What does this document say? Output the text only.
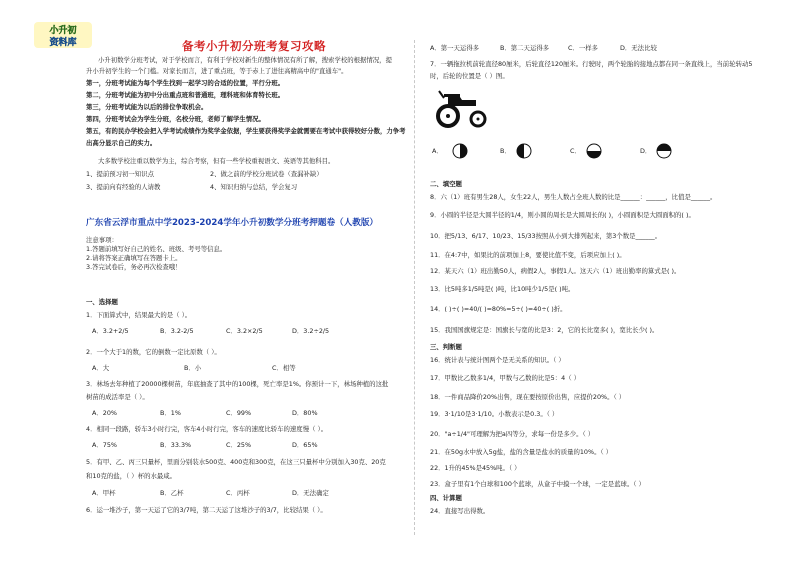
小升初
资料库	备考小升初分班考复习攻略
小升初数学分班考试，对于学校而言，有利于学校对新生的整体情况有所了解，搜索学校的根据情况，提
升小升初学生的一个门槛。对家长而言，进了重点班，等于赤上了进往高精高中的"直通车"。
第一，分班考试能为每个学生找到一起学习的合适的位置，平行分班。
第二，分班考试能为初中分出重点班和普通班，理科班和体育特长班。
第三，分班考试能为以后的排位争取机会。
第四，分班考试会为学生分班，名校分班，老师了解学生情况。
第五，有的民办学校会把入学考试成绩作为奖学金依据，学生要获得奖学金就需要在考试中获得较好分数，力争考
出高分显示自己的实力。
大多数学校注重以数学为主，综合考察，但有一些学校重视语文、英语等其他科目。
1、提前预习初一知识点	2、做之前的学校分班试卷（查漏补缺）
3、提前向有经验的人请教	4、知识归纳与总结，学会复习
广东省云浮市重点中学2023-2024学年小升初数学分班考押题卷（人教版）
注意事项：
1.答题前填写好自己的姓名、班级、考号等信息。
2.请将答案正确填写在答题卡上。
3.答完试卷后，务必再次检查哦！
一、选择题
1．下面算式中，结果最大的是（ ）。
A．3.2+2/5	B．3.2-2/5	C．3.2×2/5	D．3.2÷2/5
2．一个大于1的数，它的倒数一定比原数（ ）。
A．大	B．小	C．相等
3．林场去年种植了20000棵树苗，年底抽查了其中的100棵，死亡率是1%。你预计一下，林场种植的这批
树苗的成活率是（ ）。
A．20%	B．1%	C．99%	D．80%
4．相同一段路，轿车3小时行完，客车4小时行完，客车的速度比轿车的速度慢（ ）。
A．75%	B．33.3%	C．25%	D．65%
5．有甲、乙、丙三只量杯，里面分别装水500克、400克和300克，在这三只量杯中分别加入30克、20克
和10克的盐，（ ）杯的水最咸。
A．甲杯	B．乙杯	C．丙杯	D．无法确定
6．运一堆沙子，第一天运了它的3/7吨，第二天运了这堆沙子的3/7，比较结果（ ）。
A．第一天运得多	B．第二天运得多	C．一样多	D．无法比较
7．一辆拖拉机前轮直径80厘米，后轮直径120厘米。行驶时，两个轮胎的接地点都在同一条直线上，当前轮转动5
时，后轮的位置是（ ）图。
A．	B．	C．	D．
二、填空题
8．六（1）班有男生28人，女生22人，男生人数占全班人数的比是______：______，比值是______。
9．小圆的半径是大圆半径的1/4，则小圆的周长是大圆周长的( )，小圆面积是大圆面积的( )。
10．把5/13、6/17、10/23、15/33按照从小到大排列起来，第3个数是______。
11．在4:7中，如果比的前项加上8，要使比值不变，后项应加上( )。
12．某天六（1）班出勤50人，病假2人，事假1人。这天六（1）班出勤率的算式是( )。
13．比5吨多1/5吨是( )吨，比10吨少1/5是( )吨。
14．( )÷( )=40/( )=80%=5÷( )=40÷( )折。
15．我国国旗规定是：国旗长与宽的比是3：2，它的长比宽多( )，宽比长少( )。
三、判断题
16．统计表与统计图两个是无关系的知识。（ ）
17．甲数比乙数多1/4，甲数与乙数的比是5：4（ ）
18．一件商品降价20%出售，现在要按原价出售，应提价20%。（ ）
19．3·1/10是3·1/10。小数表示是0.3。（ ）
20．"a÷1/4"可理解为把a四等分，求每一份是多少。（ ）
21．在50g水中放入5g盐，盐的含量是盐水的质量的10%。（ ）
22．1升的45%是45%吨。（ ）
23．盒子里有1个白球和100个蓝球，从盒子中摸一个球，一定是蓝球。（ ）
四、计算题
24．直接写出得数。
